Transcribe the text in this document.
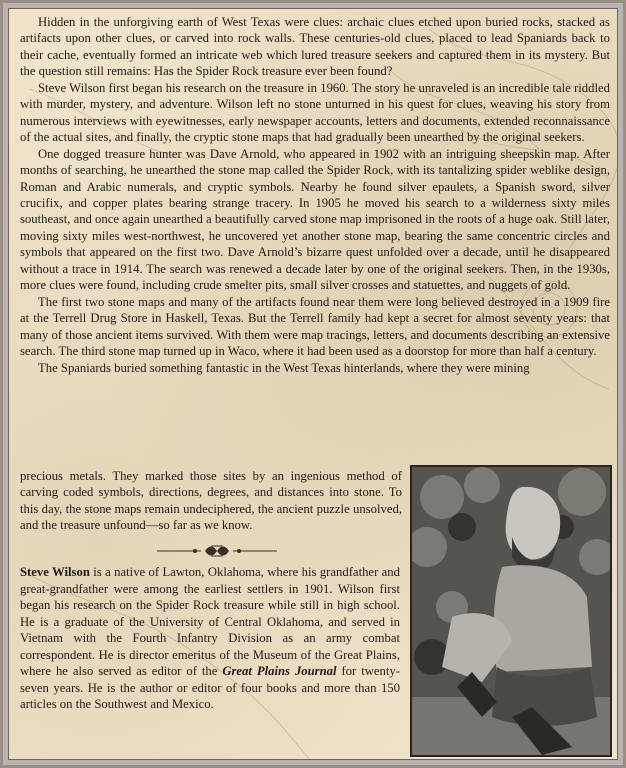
Hidden in the unforgiving earth of West Texas were clues: archaic clues etched upon buried rocks, stacked as artifacts upon other clues, or carved into rock walls. These centuries-old clues, placed to lead Spaniards back to their cache, eventually formed an intricate web which lured treasure seekers and captured them in its mystery. But the question still remains: Has the Spider Rock treasure ever been found?

Steve Wilson first began his research on the treasure in 1960. The story he unraveled is an incredible tale riddled with murder, mystery, and adventure. Wilson left no stone unturned in his quest for clues, weaving his story from numerous interviews with eyewitnesses, early newspaper accounts, letters and documents, extended reconnaissance of the actual sites, and finally, the cryptic stone maps that had gradually been unearthed by the original seekers.

One dogged treasure hunter was Dave Arnold, who appeared in 1902 with an intriguing sheepskin map. After months of searching, he unearthed the stone map called the Spider Rock, with its tantalizing spider weblike design, Roman and Arabic numerals, and cryptic symbols. Nearby he found silver epaulets, a Spanish sword, silver crucifix, and copper plates bearing strange tracery. In 1905 he moved his search to a wilderness sixty miles southeast, and once again unearthed a beautifully carved stone map imprisoned in the roots of a huge oak. Still later, moving sixty miles west-northwest, he uncovered yet another stone map, bearing the same concentric circles and symbols that appeared on the first two. Dave Arnold’s bizarre quest unfolded over a decade, until he disappeared without a trace in 1914. The search was renewed a decade later by one of the original seekers. Then, in the 1930s, more clues were found, including crude smelter pits, small silver crosses and statuettes, and nuggets of gold.

The first two stone maps and many of the artifacts found near them were long believed destroyed in a 1909 fire at the Terrell Drug Store in Haskell, Texas. But the Terrell family had kept a secret for almost seventy years: that many of those ancient items survived. With them were map tracings, letters, and documents describing an extensive search. The third stone map turned up in Waco, where it had been used as a doorstop for more than half a century.

The Spaniards buried something fantastic in the West Texas hinterlands, where they were mining

precious metals. They marked those sites by an ingenious method of carving coded symbols, directions, degrees, and distances into stone. To this day, the stone maps remain undeciphered, the ancient puzzle unsolved, and the treasure unfound—so far as we know.
Steve Wilson is a native of Lawton, Oklahoma, where his grandfather and great-grandfather were among the earliest settlers in 1901. Wilson first began his research on the Spider Rock treasure while still in high school. He is a graduate of the University of Central Oklahoma, and served in Vietnam with the Fourth Infantry Division as an army combat correspondent. He is director emeritus of the Museum of the Great Plains, where he also served as editor of the Great Plains Journal for twenty-seven years. He is the author or editor of four books and more than 150 articles on the Southwest and Mexico.
